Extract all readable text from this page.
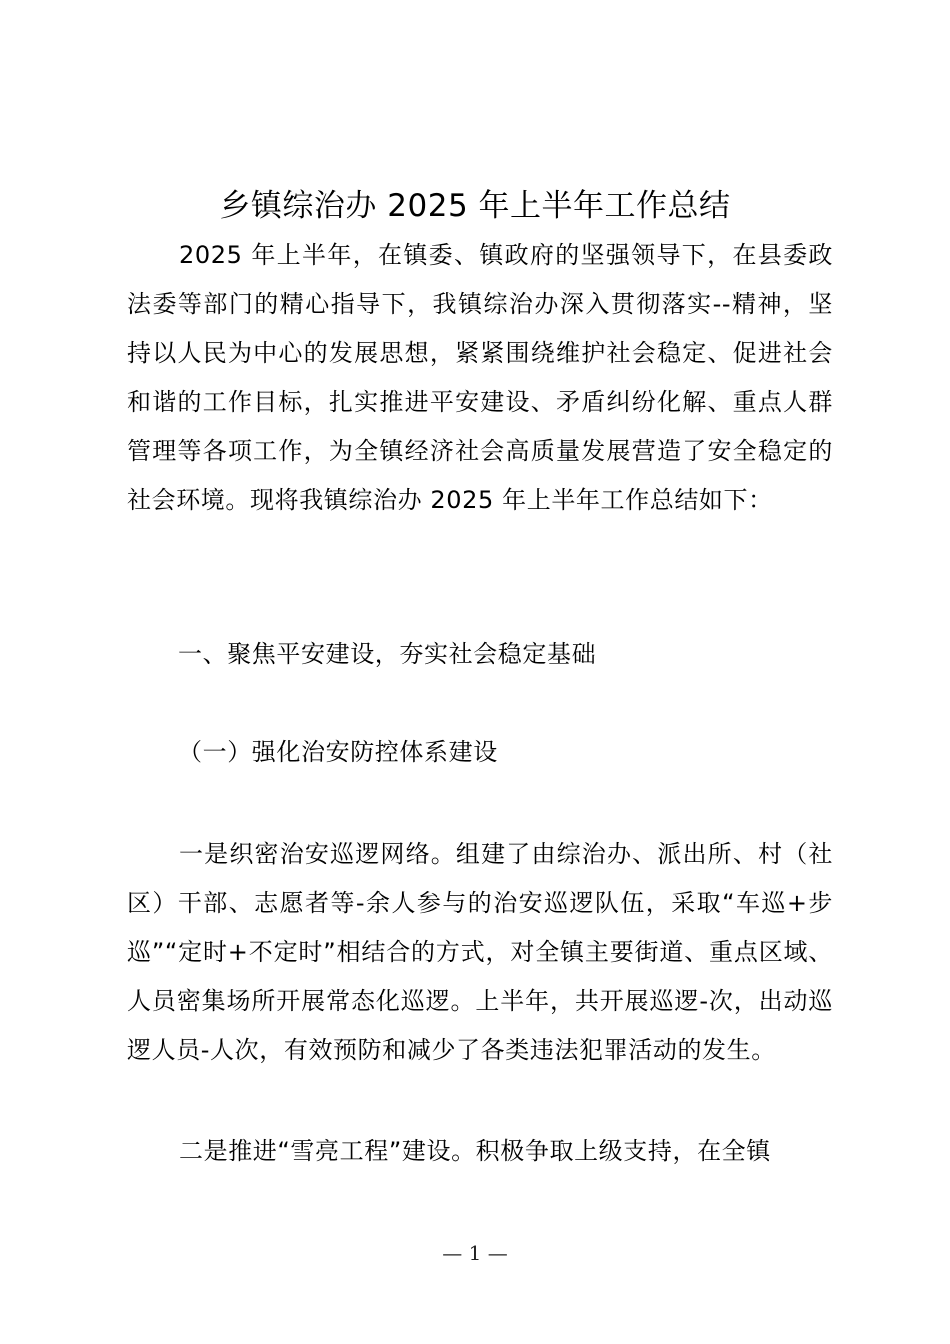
乡镇综治办 2025 年上半年工作总结
2025 年上半年，在镇委、镇政府的坚强领导下，在县委政法委等部门的精心指导下，我镇综治办深入贯彻落实--精神，坚持以人民为中心的发展思想，紧紧围绕维护社会稳定、促进社会和谐的工作目标，扎实推进平安建设、矛盾纠纷化解、重点人群管理等各项工作，为全镇经济社会高质量发展营造了安全稳定的社会环境。现将我镇综治办 2025 年上半年工作总结如下：
一、聚焦平安建设，夯实社会稳定基础
（一）强化治安防控体系建设
一是织密治安巡逻网络。组建了由综治办、派出所、村（社区）干部、志愿者等-余人参与的治安巡逻队伍，采取“车巡+步巡”“定时+不定时”相结合的方式，对全镇主要街道、重点区域、人员密集场所开展常态化巡逻。上半年，共开展巡逻-次，出动巡逻人员-人次，有效预防和减少了各类违法犯罪活动的发生。
二是推进“雪亮工程”建设。积极争取上级支持，在全镇
— 1 —
